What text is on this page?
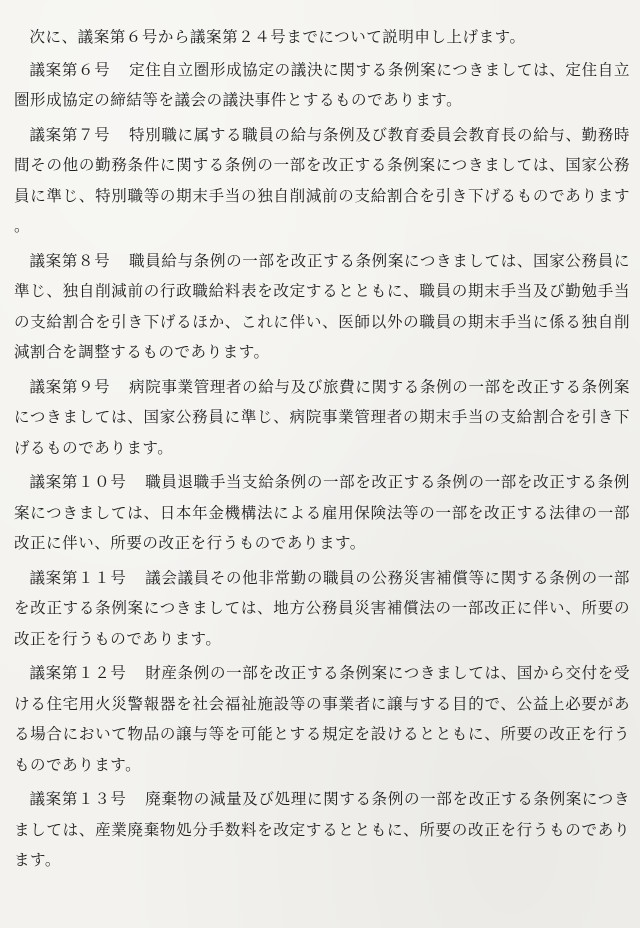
次に、議案第６号から議案第２４号までについて説明申し上げます。

議案第６号 定住自立圏形成協定の議決に関する条例案につきましては、定住自立圏形成協定の締結等を議会の議決事件とするものであります。

議案第７号 特別職に属する職員の給与条例及び教育委員会教育長の給与、勤務時間その他の勤務条件に関する条例の一部を改正する条例案につきましては、国家公務員に準じ、特別職等の期末手当の独自削減前の支給割合を引き下げるものであります。

議案第８号 職員給与条例の一部を改正する条例案につきましては、国家公務員に準じ、独自削減前の行政職給料表を改定するとともに、職員の期末手当及び勤勉手当の支給割合を引き下げるほか、これに伴い、医師以外の職員の期末手当に係る独自削減割合を調整するものであります。

議案第９号 病院事業管理者の給与及び旅費に関する条例の一部を改正する条例案につきましては、国家公務員に準じ、病院事業管理者の期末手当の支給割合を引き下げるものであります。

議案第１０号 職員退職手当支給条例の一部を改正する条例の一部を改正する条例案につきましては、日本年金機構法による雇用保険法等の一部を改正する法律の一部改正に伴い、所要の改正を行うものであります。

議案第１１号 議会議員その他非常勤の職員の公務災害補償等に関する条例の一部を改正する条例案につきましては、地方公務員災害補償法の一部改正に伴い、所要の改正を行うものであります。

議案第１２号 財産条例の一部を改正する条例案につきましては、国から交付を受ける住宅用火災警報器を社会福祉施設等の事業者に譲与する目的で、公益上必要がある場合において物品の譲与等を可能とする規定を設けるとともに、所要の改正を行うものであります。

議案第１３号 廃棄物の減量及び処理に関する条例の一部を改正する条例案につきましては、産業廃棄物処分手数料を改定するとともに、所要の改正を行うものであります。
